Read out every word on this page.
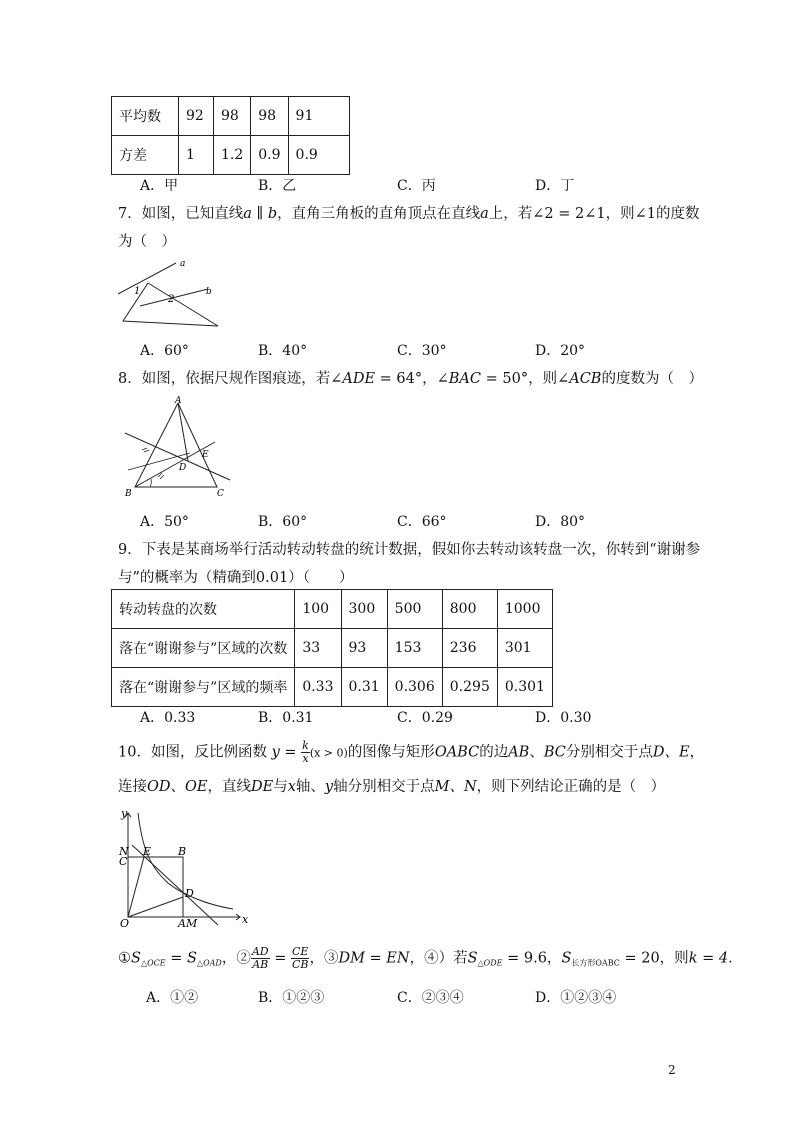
平均数	92	98	98	91
方差	1	1.2	0.9	0.9
A．甲	B．乙	C．丙	D．丁
7．如图，已知直线a ∥ b，直角三角板的直角顶点在直线a上，若∠2 = 2∠1，则∠1的度数
为（　）
a
b
1
2
A．60°	B．40°	C．30°	D．20°
8．如图，依据尺规作图痕迹，若∠ADE = 64°，∠BAC = 50°，则∠ACB的度数为（　）
A
B	C
D
E
A．50°	B．60°	C．66°	D．80°
9．下表是某商场举行活动转动转盘的统计数据，假如你去转动该转盘一次，你转到“谢谢参
与”的概率为（精确到0.01）（　　）
转动转盘的次数	100	300	500	800	1000
落在“谢谢参与”区域的次数	33	93	153	236	301
落在“谢谢参与”区域的频率	0.33	0.31	0.306	0.295	0.301
A．0.33	B．0.31	C．0.29	D．0.30
10．如图，反比例函数 $y = \frac{k}{x} (x > 0)$的图像与矩形OABC的边AB、BC分别相交于点D、E，
连接OD、OE，直线DE与x轴、y轴分别相交于点M、N，则下列结论正确的是（　）
y
x
N
C
E B
D
O	AM
$①S_{\triangle OCE} = S_{\triangle OAD}$，② $\frac{AD}{AB} = \frac{CE}{CB}$ ，③DM = EN，④）若$S_{\triangle ODE} = 9.6$，$S_{长方形OABC} = 20$，则k = 4．
A．①②	B．①②③	C．②③④	D．①②③④
2
